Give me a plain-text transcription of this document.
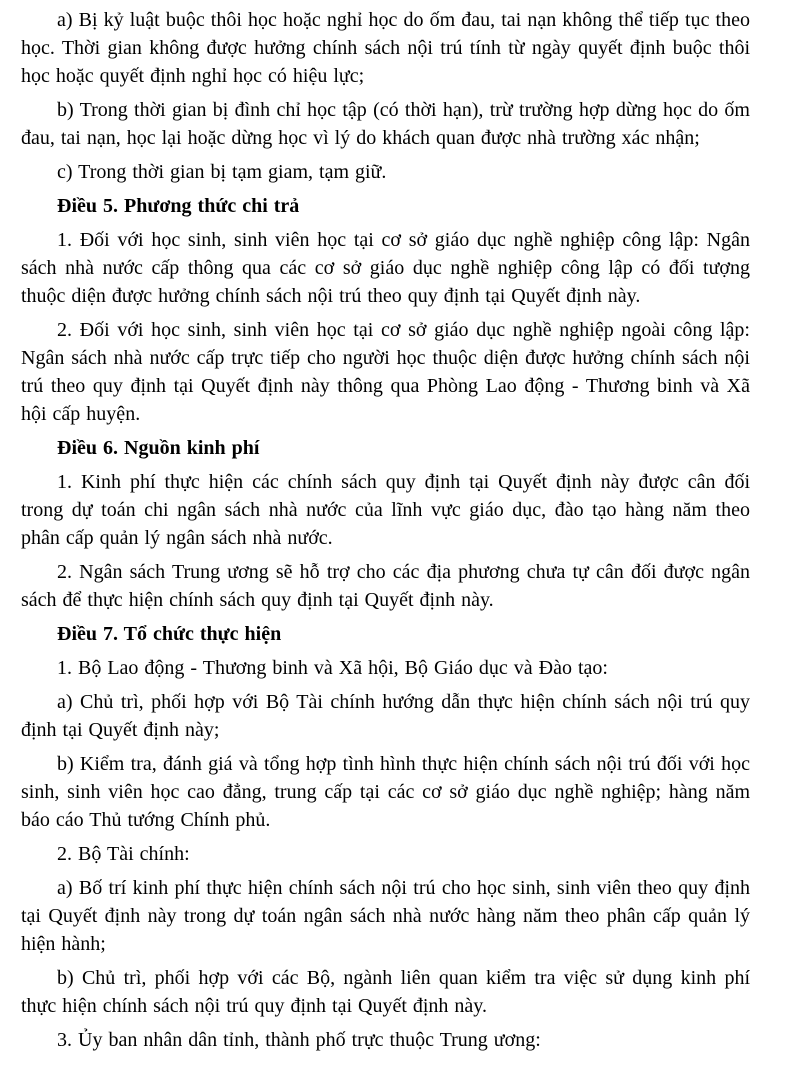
a) Bị kỷ luật buộc thôi học hoặc nghỉ học do ốm đau, tai nạn không thể tiếp tục theo học. Thời gian không được hưởng chính sách nội trú tính từ ngày quyết định buộc thôi học hoặc quyết định nghỉ học có hiệu lực;

b) Trong thời gian bị đình chỉ học tập (có thời hạn), trừ trường hợp dừng học do ốm đau, tai nạn, học lại hoặc dừng học vì lý do khách quan được nhà trường xác nhận;

c) Trong thời gian bị tạm giam, tạm giữ.

Điều 5. Phương thức chi trả

1. Đối với học sinh, sinh viên học tại cơ sở giáo dục nghề nghiệp công lập: Ngân sách nhà nước cấp thông qua các cơ sở giáo dục nghề nghiệp công lập có đối tượng thuộc diện được hưởng chính sách nội trú theo quy định tại Quyết định này.

2. Đối với học sinh, sinh viên học tại cơ sở giáo dục nghề nghiệp ngoài công lập: Ngân sách nhà nước cấp trực tiếp cho người học thuộc diện được hưởng chính sách nội trú theo quy định tại Quyết định này thông qua Phòng Lao động - Thương binh và Xã hội cấp huyện.

Điều 6. Nguồn kinh phí

1. Kinh phí thực hiện các chính sách quy định tại Quyết định này được cân đối trong dự toán chi ngân sách nhà nước của lĩnh vực giáo dục, đào tạo hàng năm theo phân cấp quản lý ngân sách nhà nước.

2. Ngân sách Trung ương sẽ hỗ trợ cho các địa phương chưa tự cân đối được ngân sách để thực hiện chính sách quy định tại Quyết định này.

Điều 7. Tổ chức thực hiện

1. Bộ Lao động - Thương binh và Xã hội, Bộ Giáo dục và Đào tạo:

a) Chủ trì, phối hợp với Bộ Tài chính hướng dẫn thực hiện chính sách nội trú quy định tại Quyết định này;

b) Kiểm tra, đánh giá và tổng hợp tình hình thực hiện chính sách nội trú đối với học sinh, sinh viên học cao đẳng, trung cấp tại các cơ sở giáo dục nghề nghiệp; hàng năm báo cáo Thủ tướng Chính phủ.

2. Bộ Tài chính:

a) Bố trí kinh phí thực hiện chính sách nội trú cho học sinh, sinh viên theo quy định tại Quyết định này trong dự toán ngân sách nhà nước hàng năm theo phân cấp quản lý hiện hành;

b) Chủ trì, phối hợp với các Bộ, ngành liên quan kiểm tra việc sử dụng kinh phí thực hiện chính sách nội trú quy định tại Quyết định này.

3. Ủy ban nhân dân tỉnh, thành phố trực thuộc Trung ương:
